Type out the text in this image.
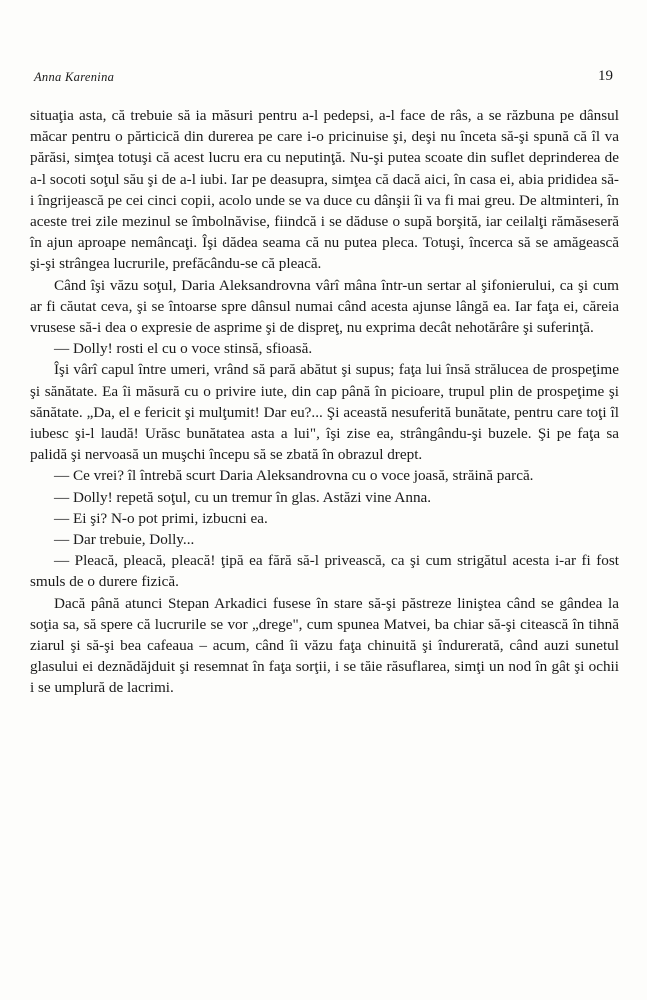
Anna Karenina	19

situaţia asta, că trebuie să ia măsuri pentru a-l pedepsi, a-l face de râs, a se răzbuna pe dânsul măcar pentru o părticică din durerea pe care i-o pricinuise şi, deşi nu înceta să-şi spună că îl va părăsi, simţea totuşi că acest lucru era cu neputinţă. Nu-şi putea scoate din suflet deprinderea de a-l socoti soţul său şi de a-l iubi. Iar pe deasupra, simţea că dacă aici, în casa ei, abia prididea să-i îngrijească pe cei cinci copii, acolo unde se va duce cu dânşii îi va fi mai greu. De altminteri, în aceste trei zile mezinul se îmbolnăvise, fiindcă i se dăduse o supă borşită, iar ceilalţi rămăseseră în ajun aproape nemâncaţi. Îşi dădea seama că nu putea pleca. Totuşi, încerca să se amăgească şi-şi strângea lucrurile, prefăcându-se că pleacă.

Când îşi văzu soţul, Daria Aleksandrovna vârî mâna într-un sertar al şifonierului, ca şi cum ar fi căutat ceva, şi se întoarse spre dânsul numai când acesta ajunse lângă ea. Iar faţa ei, căreia vrusese să-i dea o expresie de asprime şi de dispreţ, nu exprima decât nehotărâre şi suferinţă.

— Dolly! rosti el cu o voce stinsă, sfioasă.

Îşi vârî capul între umeri, vrând să pară abătut şi supus; faţa lui însă strălucea de prospeţime şi sănătate. Ea îi măsură cu o privire iute, din cap până în picioare, trupul plin de prospeţime şi sănătate. „Da, el e fericit şi mulţumit! Dar eu?... Şi această nesuferită bunătate, pentru care toţi îl iubesc şi-l laudă! Urăsc bunătatea asta a lui", îşi zise ea, strângându-şi buzele. Şi pe faţa sa palidă şi nervoasă un muşchi începu să se zbată în obrazul drept.

— Ce vrei? îl întrebă scurt Daria Aleksandrovna cu o voce joasă, străină parcă.

— Dolly! repetă soţul, cu un tremur în glas. Astăzi vine Anna.

— Ei şi? N-o pot primi, izbucni ea.

— Dar trebuie, Dolly...

— Pleacă, pleacă, pleacă! ţipă ea fără să-l privească, ca şi cum strigătul acesta i-ar fi fost smuls de o durere fizică.

Dacă până atunci Stepan Arkadici fusese în stare să-şi păstreze liniştea când se gândea la soţia sa, să spere că lucrurile se vor „drege", cum spunea Matvei, ba chiar să-şi citească în tihnă ziarul şi să-şi bea cafeaua – acum, când îi văzu faţa chinuită şi îndurerată, când auzi sunetul glasului ei deznădăjduit şi resemnat în faţa sorţii, i se tăie răsuflarea, simţi un nod în gât şi ochii i se umplură de lacrimi.
